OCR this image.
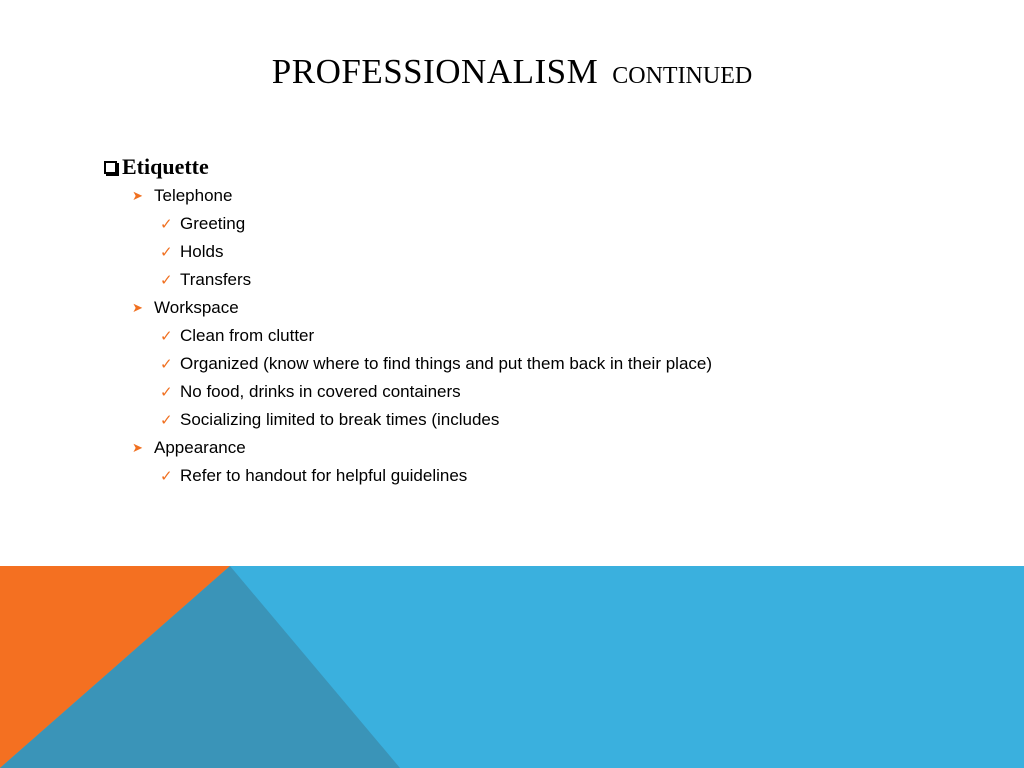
PROFESSIONALISM CONTINUED
Etiquette
➤ Telephone
✓ Greeting
✓ Holds
✓ Transfers
➤ Workspace
✓ Clean from clutter
✓ Organized (know where to find things and put them back in their place)
✓ No food, drinks in covered containers
✓ Socializing limited to break times (includes
➤ Appearance
✓ Refer to handout for helpful guidelines
